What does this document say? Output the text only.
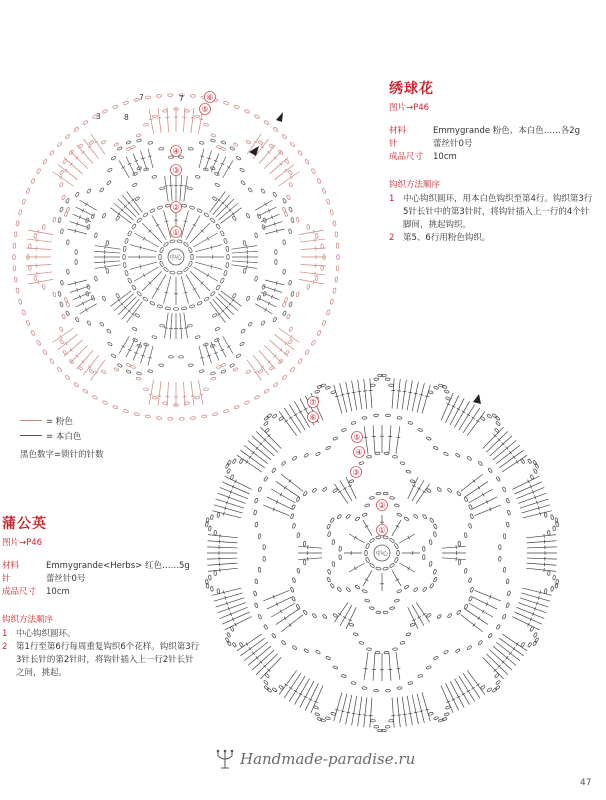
中心
①
②
③
④
⑥
⑤
3
7	7
8
中心
①
②
③
④
⑤
⑥
⑦
绣球花
图片→P46
材料	Emmygrande 粉色、本白色……各2g
针	蕾丝针0号
成品尺寸 10cm
钩织方法顺序
1 中心钩织圆环，用本白色钩织至第4行。钩织第3行5针长针中的第3针时，将钩针插入上一行的4个针脚间，挑起钩织。
2 第5、6行用粉色钩织。
= 粉色
= 本白色
黑色数字=锁针的针数
蒲公英
图片→P46
材料	Emmygrande<Herbs> 红色……5g
针	蕾丝针0号
成品尺寸 10cm
钩织方法顺序
1 中心钩织圆环。
2 第1行至第6行每周重复钩织6个花样。钩织第3行3针长针的第2针时，将钩针插入上一行2针长针之间，挑起。
Handmade-paradise.ru
47
